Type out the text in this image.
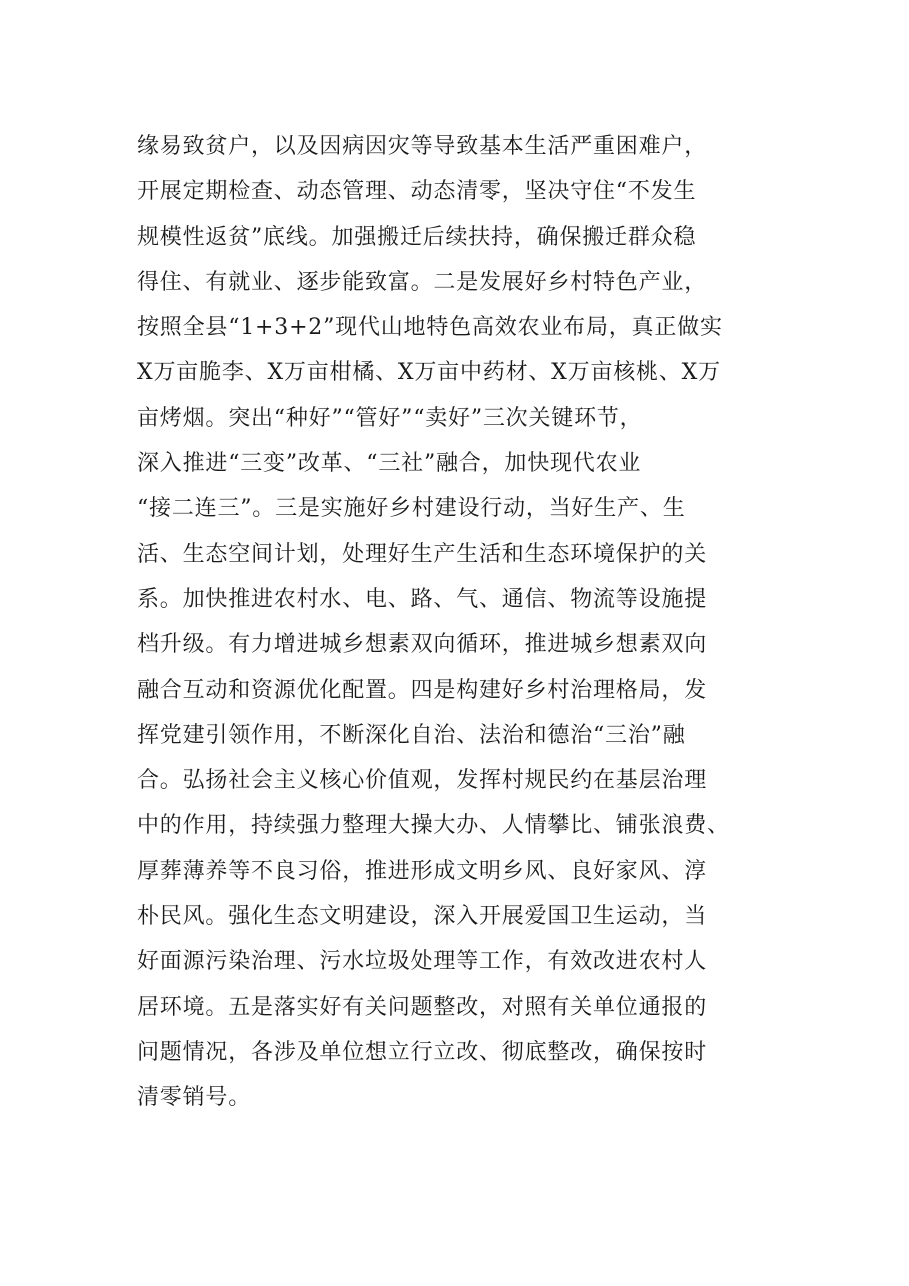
缘易致贫户，以及因病因灾等导致基本生活严重困难户，
开展定期检查、动态管理、动态清零，坚决守住“不发生
规模性返贫”底线。加强搬迁后续扶持，确保搬迁群众稳
得住、有就业、逐步能致富。二是发展好乡村特色产业，
按照全县“1+3+2”现代山地特色高效农业布局，真正做实
X万亩脆李、X万亩柑橘、X万亩中药材、X万亩核桃、X万
亩烤烟。突出“种好”“管好”“卖好”三次关键环节，
深入推进“三变”改革、“三社”融合，加快现代农业
“接二连三”。三是实施好乡村建设行动，当好生产、生
活、生态空间计划，处理好生产生活和生态环境保护的关
系。加快推进农村水、电、路、气、通信、物流等设施提
档升级。有力增进城乡想素双向循环，推进城乡想素双向
融合互动和资源优化配置。四是构建好乡村治理格局，发
挥党建引领作用，不断深化自治、法治和德治“三治”融
合。弘扬社会主义核心价值观，发挥村规民约在基层治理
中的作用，持续强力整理大操大办、人情攀比、铺张浪费、
厚葬薄养等不良习俗，推进形成文明乡风、良好家风、淳
朴民风。强化生态文明建设，深入开展爱国卫生运动，当
好面源污染治理、污水垃圾处理等工作，有效改进农村人
居环境。五是落实好有关问题整改，对照有关单位通报的
问题情况，各涉及单位想立行立改、彻底整改，确保按时
清零销号。
